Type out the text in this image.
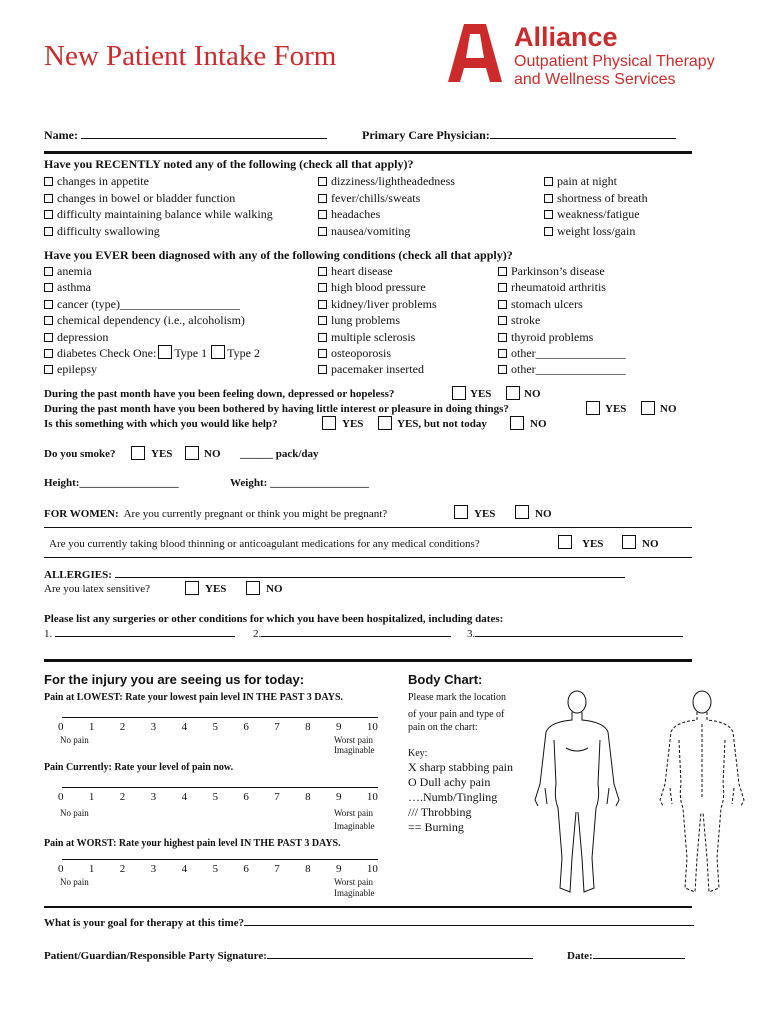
New Patient Intake Form
Alliance
Outpatient Physical Therapy
and Wellness Services
Name:	Primary Care Physician:
Have you RECENTLY noted any of the following (check all that apply)?
changes in appetite
changes in bowel or bladder function
difficulty maintaining balance while walking
difficulty swallowing
dizziness/lightheadedness
fever/chills/sweats
headaches
nausea/vomiting
pain at night
shortness of breath
weakness/fatigue
weight loss/gain
Have you EVER been diagnosed with any of the following conditions (check all that apply)?
anemia
asthma
cancer (type)____________________
chemical dependency (i.e., alcoholism)
depression
diabetes Check One: Type 1 Type 2
epilepsy
heart disease
high blood pressure
kidney/liver problems
lung problems
multiple sclerosis
osteoporosis
pacemaker inserted
Parkinson’s disease
rheumatoid arthritis
stomach ulcers
stroke
thyroid problems
other_______________
other_______________
During the past month have you been feeling down, depressed or hopeless?	YES	NO
During the past month have you been bothered by having little interest or pleasure in doing things?	YES	NO
Is this something with which you would like help?	YES	YES, but not today	NO
Do you smoke?	YES	NO ______ pack/day
Height:__________________	Weight: __________________
FOR WOMEN: Are you currently pregnant or think you might be pregnant?	YES	NO
Are you currently taking blood thinning or anticoagulant medications for any medical conditions?	YES	NO
ALLERGIES:
Are you latex sensitive?	YES	NO
Please list any surgeries or other conditions for which you have been hospitalized, including dates:
1.	2.	3.
For the injury you are seeing us for today:
Pain at LOWEST: Rate your lowest pain level IN THE PAST 3 DAYS.
0 1 2 3 4 5 6 7 8 9 10
No pain	Worst pain
Imaginable
Pain Currently: Rate your level of pain now.
0 1 2 3 4 5 6 7 8 9 10
No pain	Worst pain
Imaginable
Pain at WORST: Rate your highest pain level IN THE PAST 3 DAYS.
0 1 2 3 4 5 6 7 8 9 10
No pain	Worst pain
Imaginable
Body Chart:
Please mark the location
of your pain and type of
pain on the chart:
Key:
X sharp stabbing pain
O Dull achy pain
….Numb/Tingling
/// Throbbing
== Burning
What is your goal for therapy at this time?
Patient/Guardian/Responsible Party Signature:	Date:
